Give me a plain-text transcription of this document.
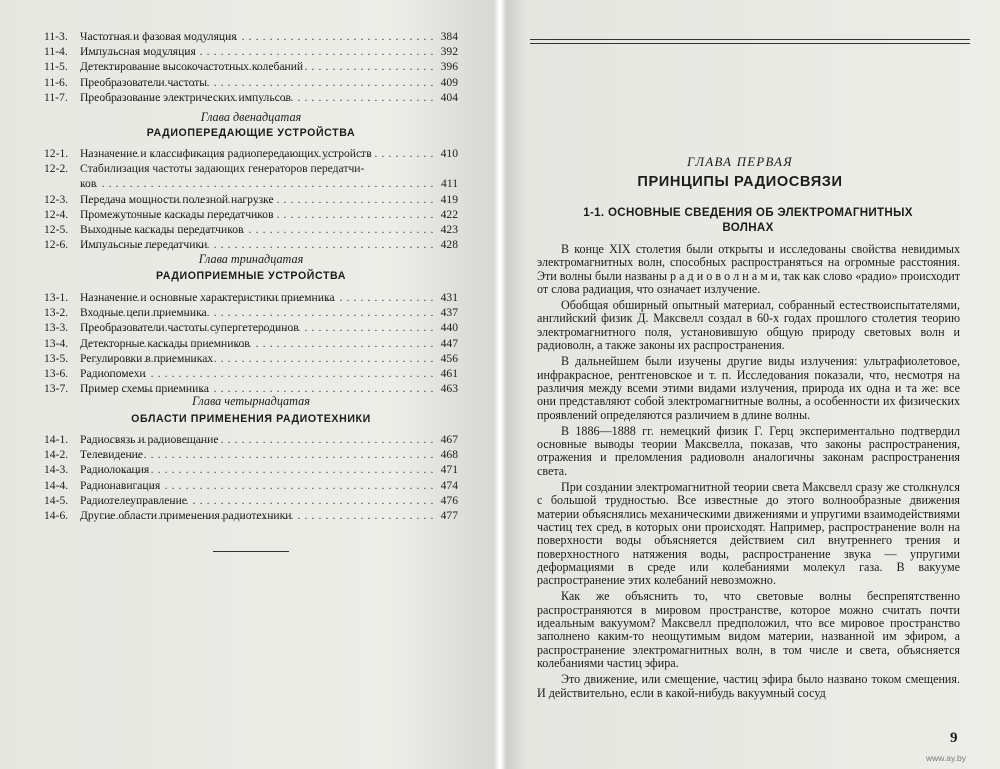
11-3.	Частотная и фазовая модуляция . . .	384
11-4.	Импульсная модуляция . . .	392
11-5.	Детектирование высокочастотных колебаний . . .	396
11-6.	Преобразователи частоты . . .	409
11-7.	Преобразование электрических импульсов . . .	404
Глава двенадцатая
РАДИОПЕРЕДАЮЩИЕ УСТРОЙСТВА
12-1.	Назначение и классификация радиопередающих устройств . . .	410
12-2.	Стабилизация частоты задающих генераторов передатчи-
ков . . .	411
12-3.	Передача мощности полезной нагрузке . . .	419
12-4.	Промежуточные каскады передатчиков . . .	422
12-5.	Выходные каскады передатчиков . . .	423
12-6.	Импульсные передатчики . . .	428
Глава тринадцатая
РАДИОПРИЕМНЫЕ УСТРОЙСТВА
13-1.	Назначение и основные характеристики приемника . . .	431
13-2.	Входные цепи приемника . . .	437
13-3.	Преобразователи частоты супергетеродинов . . .	440
13-4.	Детекторные каскады приемников . . .	447
13-5.	Регулировки в приемниках . . .	456
13-6.	Радиопомехи . . .	461
13-7.	Пример схемы приемника . . .	463
Глава четырнадцатая
ОБЛАСТИ ПРИМЕНЕНИЯ РАДИОТЕХНИКИ
14-1.	Радиосвязь и радиовещание . . .	467
14-2.	Телевидение . . .	468
14-3.	Радиолокация . . .	471
14-4.	Радионавигация . . .	474
14-5.	Радиотелеуправление . . .	476
14-6.	Другие области применения радиотехники . . .	477
ГЛАВА ПЕРВАЯ
ПРИНЦИПЫ РАДИОСВЯЗИ
1-1. ОСНОВНЫЕ СВЕДЕНИЯ ОБ ЭЛЕКТРОМАГНИТНЫХ
ВОЛНАХ

В конце XIX столетия были открыты и исследованы свойства невидимых электромагнитных волн, способных распространяться на огромные расстояния. Эти волны были названы р а д и о в о л н а м и, так как слово «радио» происходит от слова радиация, что означает излучение.

Обобщая обширный опытный материал, собранный естествоиспытателями, английский физик Д. Максвелл создал в 60-х годах прошлого столетия теорию электромагнитного поля, установившую общую природу световых волн и радиоволн, а также законы их распространения.

В дальнейшем были изучены другие виды излучения: ультрафиолетовое, инфракрасное, рентгеновское и т. п. Исследования показали, что, несмотря на различия между всеми этими видами излучения, природа их одна и та же: все они представляют собой электромагнитные волны, а особенности их физических проявлений определяются различием в длине волны.

В 1886—1888 гг. немецкий физик Г. Герц экспериментально подтвердил основные выводы теории Максвелла, показав, что законы распространения, отражения и преломления радиоволн аналогичны законам распространения света.

При создании электромагнитной теории света Максвелл сразу же столкнулся с большой трудностью. Все известные до этого волнообразные движения материи объяснялись механическими движениями и упругими взаимодействиями частиц тех сред, в которых они происходят. Например, распространение волн на поверхности воды объясняется действием сил внутреннего трения и поверхностного натяжения воды, распространение звука — упругими деформациями в среде или колебаниями молекул газа. В вакууме распространение этих колебаний невозможно.

Как же объяснить то, что световые волны беспрепятственно распространяются в мировом пространстве, которое можно считать почти идеальным вакуумом? Максвелл предположил, что все мировое пространство заполнено каким-то неощутимым видом материи, названной им эфиром, а распространение электромагнитных волн, в том числе и света, объясняется колебаниями частиц эфира.

Это движение, или смещение, частиц эфира было названо током смещения. И действительно, если в какой-нибудь вакуумный сосуд

9
www.ay.by
